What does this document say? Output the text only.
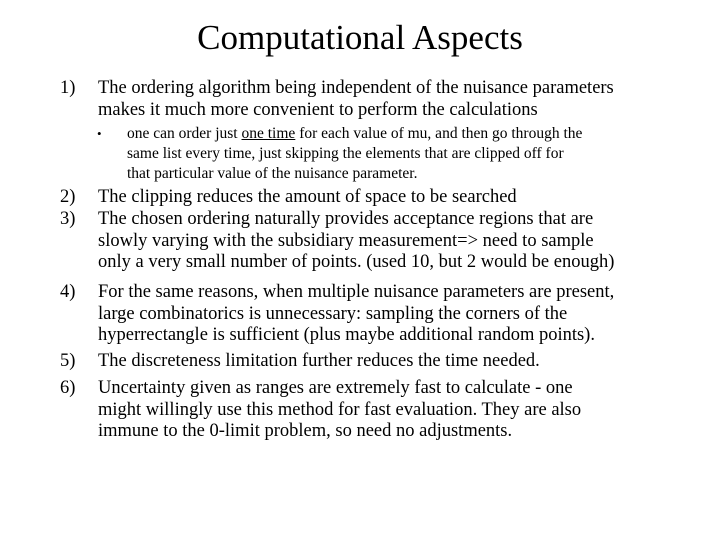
Computational Aspects
1) The ordering algorithm being independent of the nuisance parameters
makes it much more convenient to perform the calculations
• one can order just one time for each value of mu, and then go through the
same list every time, just skipping the elements that are clipped off for
that particular value of the nuisance parameter.
2) The clipping reduces the amount of space to be searched
3) The chosen ordering naturally provides acceptance regions that are
slowly varying with the subsidiary measurement=> need to sample
only a very small number of points. (used 10, but 2 would be enough)
4) For the same reasons, when multiple nuisance parameters are present,
large combinatorics is unnecessary: sampling the corners of the
hyperrectangle is sufficient (plus maybe additional random points).
5) The discreteness limitation further reduces the time needed.
6) Uncertainty given as ranges are extremely fast to calculate - one
might willingly use this method for fast evaluation. They are also
immune to the 0-limit problem, so need no adjustments.
